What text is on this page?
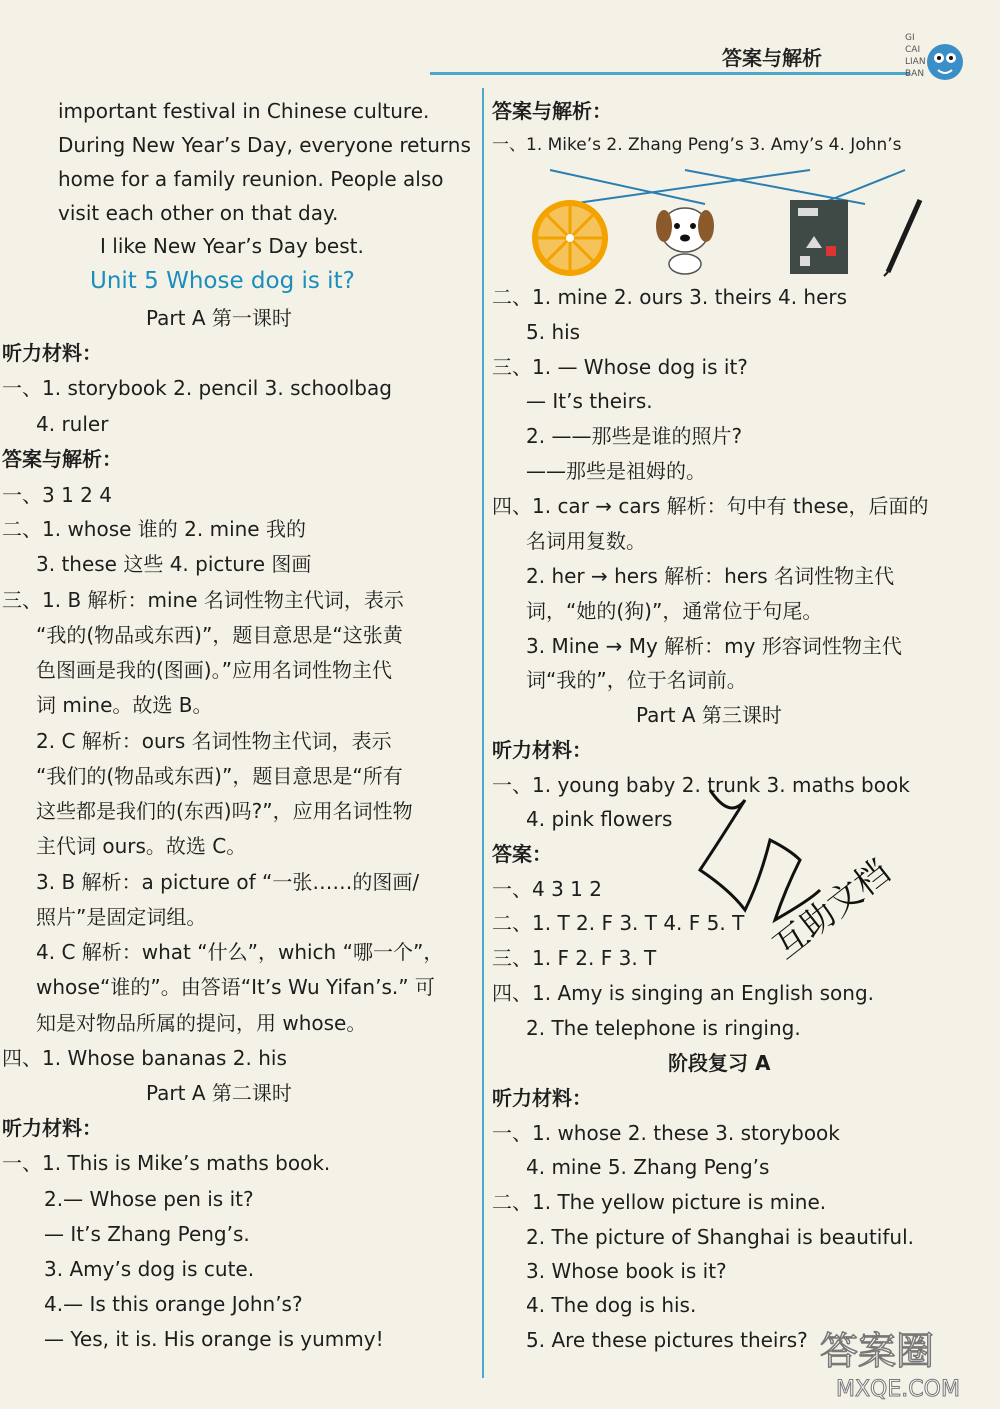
答案与解析
GI
CAI
LIAN
BAN
important festival in Chinese culture.
During New Year’s Day, everyone returns
home for a family reunion. People also
visit each other on that day.
I like New Year’s Day best.
Unit 5 Whose dog is it?
Part A 第一课时
听力材料：
一、1. storybook 2. pencil 3. schoolbag
4. ruler
答案与解析：
一、3 1 2 4
二、1. whose 谁的 2. mine 我的
3. these 这些 4. picture 图画
三、1. B 解析：mine 名词性物主代词，表示
“我的(物品或东西)”，题目意思是“这张黄
色图画是我的(图画)。”应用名词性物主代
词 mine。故选 B。
2. C 解析：ours 名词性物主代词，表示
“我们的(物品或东西)”，题目意思是“所有
这些都是我们的(东西)吗?”，应用名词性物
主代词 ours。故选 C。
3. B 解析：a picture of “一张……的图画/
照片”是固定词组。
4. C 解析：what “什么”，which “哪一个”，
whose“谁的”。由答语“It’s Wu Yifan’s.” 可
知是对物品所属的提问，用 whose。
四、1. Whose bananas 2. his
Part A 第二课时
听力材料：
一、1. This is Mike’s maths book.
2.— Whose pen is it?
— It’s Zhang Peng’s.
3. Amy’s dog is cute.
4.— Is this orange John’s?
— Yes, it is. His orange is yummy!
答案与解析：
一、1. Mike’s 2. Zhang Peng’s 3. Amy’s 4. John’s
二、1. mine 2. ours 3. theirs 4. hers
5. his
三、1. — Whose dog is it?
— It’s theirs.
2. ——那些是谁的照片?
——那些是祖姆的。
四、1. car → cars 解析：句中有 these，后面的
名词用复数。
2. her → hers 解析：hers 名词性物主代
词，“她的(狗)”，通常位于句尾。
3. Mine → My 解析：my 形容词性物主代
词“我的”，位于名词前。
Part A 第三课时
听力材料：
一、1. young baby 2. trunk 3. maths book
4. pink flowers
答案：
一、4 3 1 2
二、1. T 2. F 3. T 4. F 5. T
三、1. F 2. F 3. T
四、1. Amy is singing an English song.
2. The telephone is ringing.
阶段复习 A
听力材料：
一、1. whose 2. these 3. storybook
4. mine 5. Zhang Peng’s
二、1. The yellow picture is mine.
2. The picture of Shanghai is beautiful.
3. Whose book is it?
4. The dog is his.
5. Are these pictures theirs?
互助文档
答案圈
MXQE.COM
